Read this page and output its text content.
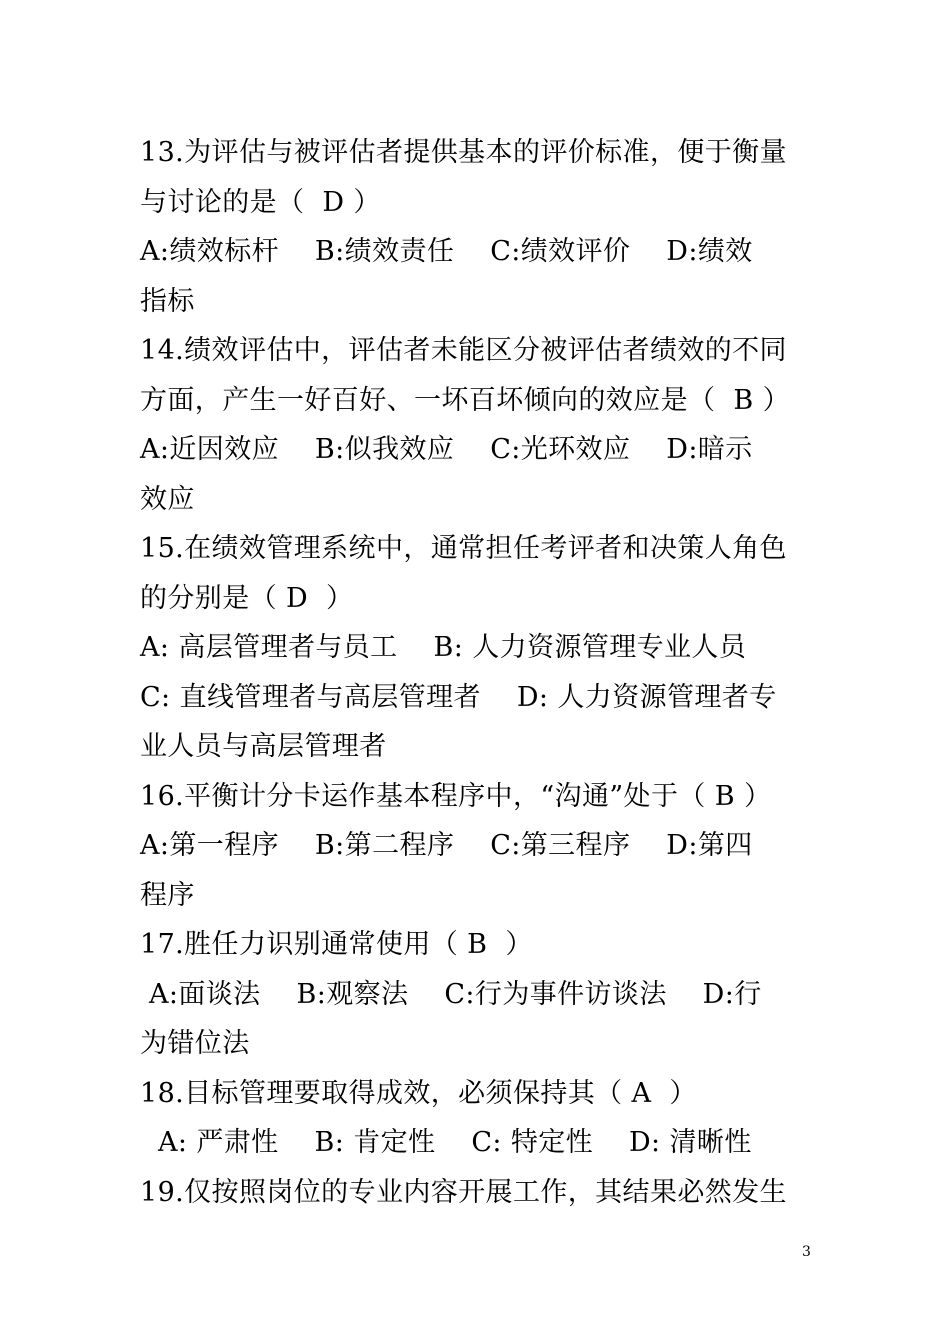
13.为评估与被评估者提供基本的评价标准，便于衡量
与讨论的是（  D ）
A:绩效标杆    B:绩效责任    C:绩效评价    D:绩效
指标
14.绩效评估中，评估者未能区分被评估者绩效的不同
方面，产生一好百好、一坏百坏倾向的效应是（  B ）
A:近因效应    B:似我效应    C:光环效应    D:暗示
效应
15.在绩效管理系统中，通常担任考评者和决策人角色
的分别是（ D  ）
A: 高层管理者与员工    B: 人力资源管理专业人员
C: 直线管理者与高层管理者    D: 人力资源管理者专
业人员与高层管理者
16.平衡计分卡运作基本程序中，“沟通”处于（ B ）
A:第一程序    B:第二程序    C:第三程序    D:第四
程序
17.胜任力识别通常使用（ B  ）
A:面谈法    B:观察法    C:行为事件访谈法    D:行
为错位法
18.目标管理要取得成效，必须保持其（ A  ）
A: 严肃性    B: 肯定性    C: 特定性    D: 清晰性
19.仅按照岗位的专业内容开展工作，其结果必然发生
3
